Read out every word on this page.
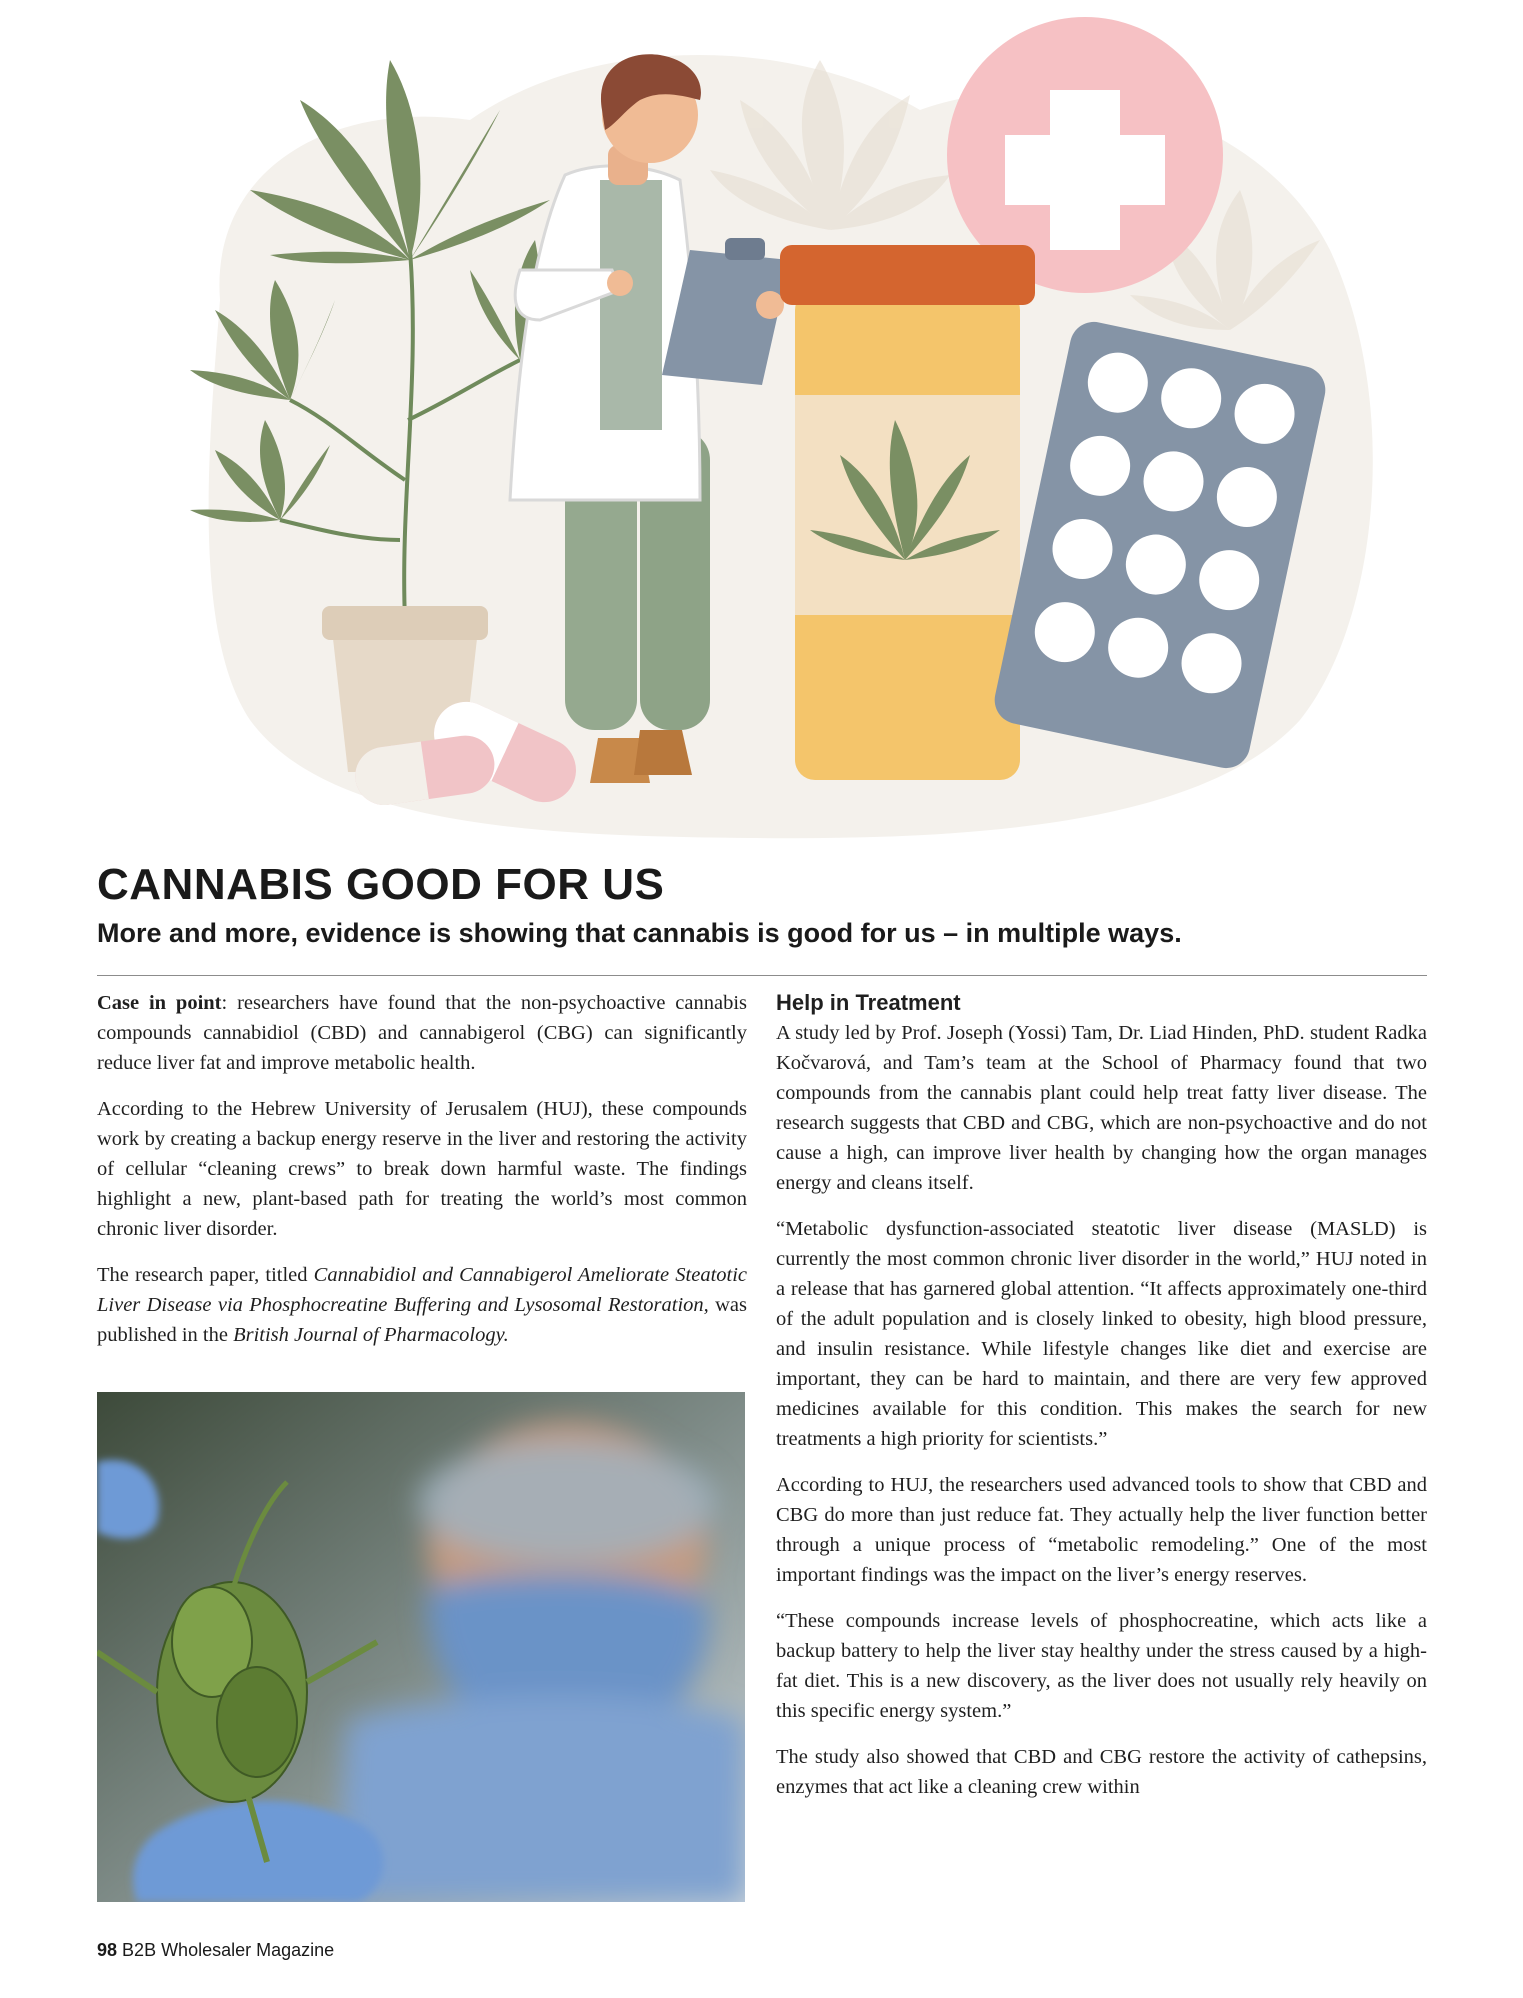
CANNABIS GOOD FOR US
More and more, evidence is showing that cannabis is good for us – in multiple ways.

Case in point: researchers have found that the non-psychoactive cannabis compounds cannabidiol (CBD) and cannabigerol (CBG) can significantly reduce liver fat and improve metabolic health.

According to the Hebrew University of Jerusalem (HUJ), these compounds work by creating a backup energy reserve in the liver and restoring the activity of cellular “cleaning crews” to break down harmful waste. The findings highlight a new, plant-based path for treating the world’s most common chronic liver disorder.

The research paper, titled Cannabidiol and Cannabigerol Ameliorate Steatotic Liver Disease via Phosphocreatine Buffering and Lysosomal Restoration, was published in the British Journal of Pharmacology.

Help in Treatment

A study led by Prof. Joseph (Yossi) Tam, Dr. Liad Hinden, PhD. student Radka Kočvarová, and Tam’s team at the School of Pharmacy found that two compounds from the cannabis plant could help treat fatty liver disease. The research suggests that CBD and CBG, which are non-psychoactive and do not cause a high, can improve liver health by changing how the organ manages energy and cleans itself.

“Metabolic dysfunction-associated steatotic liver disease (MASLD) is currently the most common chronic liver disorder in the world,” HUJ noted in a release that has garnered global attention. “It affects approximately one-third of the adult population and is closely linked to obesity, high blood pressure, and insulin resistance. While lifestyle changes like diet and exercise are important, they can be hard to maintain, and there are very few approved medicines available for this condition. This makes the search for new treatments a high priority for scientists.”

According to HUJ, the researchers used advanced tools to show that CBD and CBG do more than just reduce fat. They actually help the liver function better through a unique process of “metabolic remodeling.” One of the most important findings was the impact on the liver’s energy reserves.

“These compounds increase levels of phosphocreatine, which acts like a backup battery to help the liver stay healthy under the stress caused by a high-fat diet. This is a new discovery, as the liver does not usually rely heavily on this specific energy system.”

The study also showed that CBD and CBG restore the activity of cathepsins, enzymes that act like a cleaning crew within

98 B2B Wholesaler Magazine
